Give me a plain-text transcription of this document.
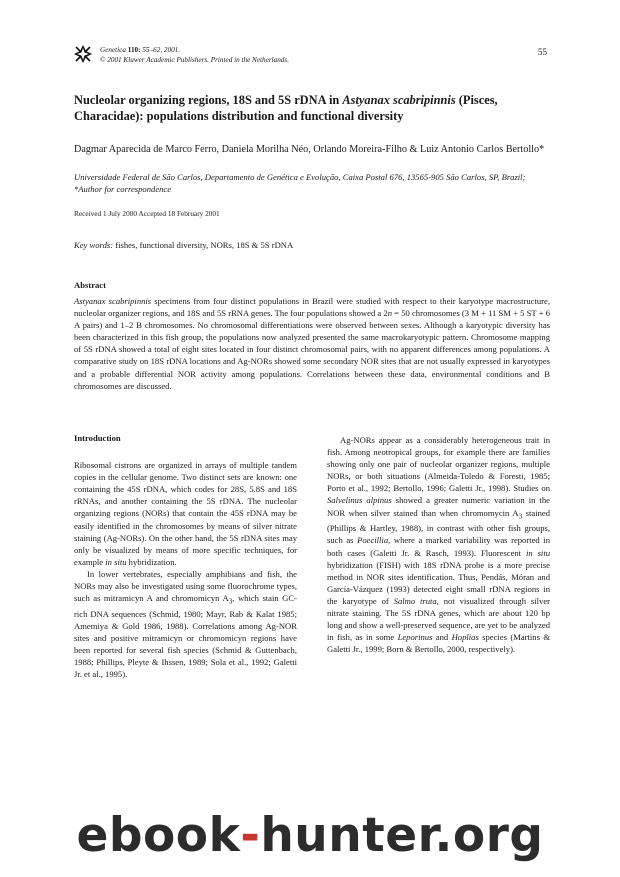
Genetica 110: 55–62, 2001.
© 2001 Kluwer Academic Publishers. Printed in the Netherlands.
55
Nucleolar organizing regions, 18S and 5S rDNA in Astyanax scabripinnis (Pisces, Characidae): populations distribution and functional diversity
Dagmar Aparecida de Marco Ferro, Daniela Morilha Néo, Orlando Moreira-Filho & Luiz Antonio Carlos Bertollo*
Universidade Federal de São Carlos, Departamento de Genética e Evolução, Caixa Postal 676, 13565-905 São Carlos, SP, Brazil; *Author for correspondence
Received 1 July 2000 Accepted 18 February 2001
Key words: fishes, functional diversity, NORs, 18S & 5S rDNA
Abstract
Astyanax scabripinnis specimens from four distinct populations in Brazil were studied with respect to their karyotype macrostructure, nucleolar organizer regions, and 18S and 5S rRNA genes. The four populations showed a 2n = 50 chromosomes (3 M + 11 SM + 5 ST + 6 A pairs) and 1–2 B chromosomes. No chromosomal differentiations were observed between sexes. Although a karyotypic diversity has been characterized in this fish group, the populations now analyzed presented the same macrokaryotypic pattern. Chromosome mapping of 5S rDNA showed a total of eight sites located in four distinct chromosomal pairs, with no apparent differences among populations. A comparative study on 18S rDNA locations and Ag-NORs showed some secondary NOR sites that are not usually expressed in karyotypes and a probable differential NOR activity among populations. Correlations between these data, environmental conditions and B chromosomes are discussed.

Introduction

Ribosomal cistrons are organized in arrays of multiple tandem copies in the cellular genome. Two distinct sets are known: one containing the 45S rDNA, which codes for 28S, 5.8S and 18S rRNAs, and another containing the 5S rDNA. The nucleolar organizing regions (NORs) that contain the 45S rDNA may be easily identified in the chromosomes by means of silver nitrate staining (Ag-NORs). On the other hand, the 5S rDNA sites may only be visualized by means of more specific techniques, for example in situ hybridization.

In lower vertebrates, especially amphibians and fish, the NORs may also be investigated using some fluorochrome types, such as mitramicyn A and chromomicyn $A_3$, which stain GC-rich DNA sequences (Schmid, 1980; Mayr, Rab & Kalat 1985; Amemiya & Gold 1986, 1988). Correlations among Ag-NOR sites and positive mitramicyn or chromomicyn regions have been reported for several fish species (Schmid & Guttenbach, 1988; Phillips, Pleyte & Ihssen, 1989; Sola et al., 1992; Galetti Jr. et al., 1995).

Ag-NORs appear as a considerably heterogeneous trait in fish. Among neotropical groups, for example there are families showing only one pair of nucleolar organizer regions, multiple NORs, or both situations (Almeida-Toledo & Foresti, 1985; Porto et al., 1992; Bertollo, 1996; Galetti Jr., 1998). Studies on Salvelinus alpinus showed a greater numeric variation in the NOR when silver stained than when chromomycin $A_3$ stained (Phillips & Hartley, 1988), in contrast with other fish groups, such as Poecillia, where a marked variability was reported in both cases (Galetti Jr. & Rasch, 1993). Fluorescent in situ hybridization (FISH) with 18S rDNA probe is a more precise method in NOR sites identification. Thus, Pendás, Móran and García-Vázquez (1993) detected eight small rDNA regions in the karyotype of Salmo truta, not visualized through silver nitrate staining. The 5S rDNA genes, which are about 120 bp long and show a well-preserved sequence, are yet to be analyzed in fish, as in some Leporinus and Hoplias species (Martins & Galetti Jr., 1999; Born & Bertollo, 2000, respectively).

ebook-hunter.org
